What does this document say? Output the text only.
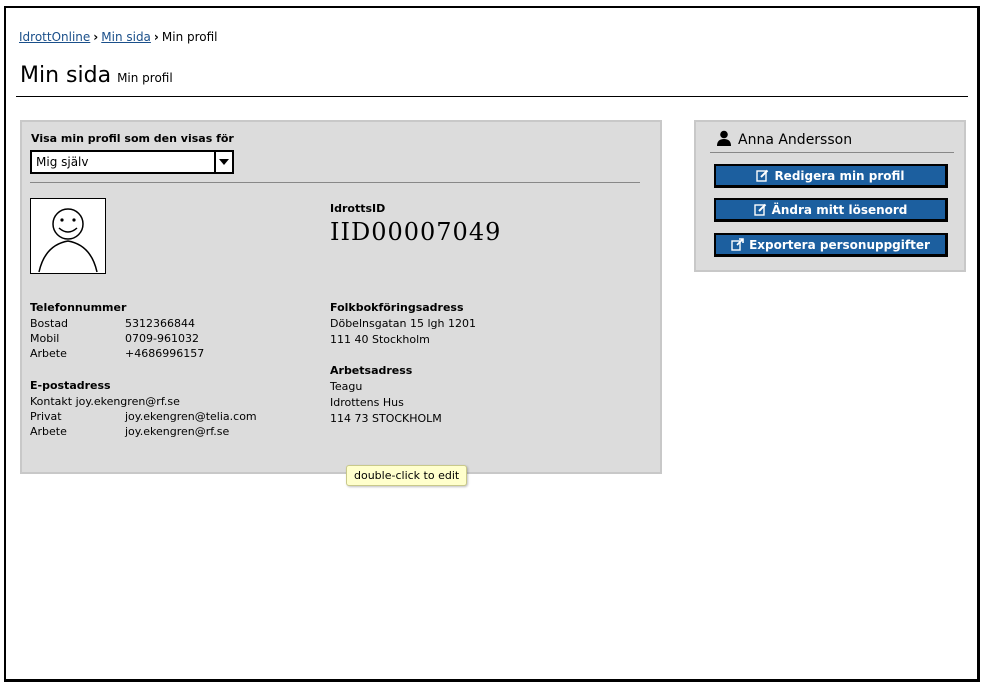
IdrottOnline › Min sida › Min profil
Min sida Min profil
Visa min profil som den visas för
Mig själv
IdrottsID
IID00007049
Telefonnummer
Bostad	5312366844
Mobil	0709-961032
Arbete	+4686996157
E-postadress
Kontakt joy.ekengren@rf.se
Privat	joy.ekengren@telia.com
Arbete	joy.ekengren@rf.se
Folkbokföringsadress
Döbelnsgatan 15 lgh 1201
111 40 Stockholm
Arbetsadress
Teagu
Idrottens Hus
114 73 STOCKHOLM
Anna Andersson
Redigera min profil
Ändra mitt lösenord
Exportera personuppgifter
double-click to edit
